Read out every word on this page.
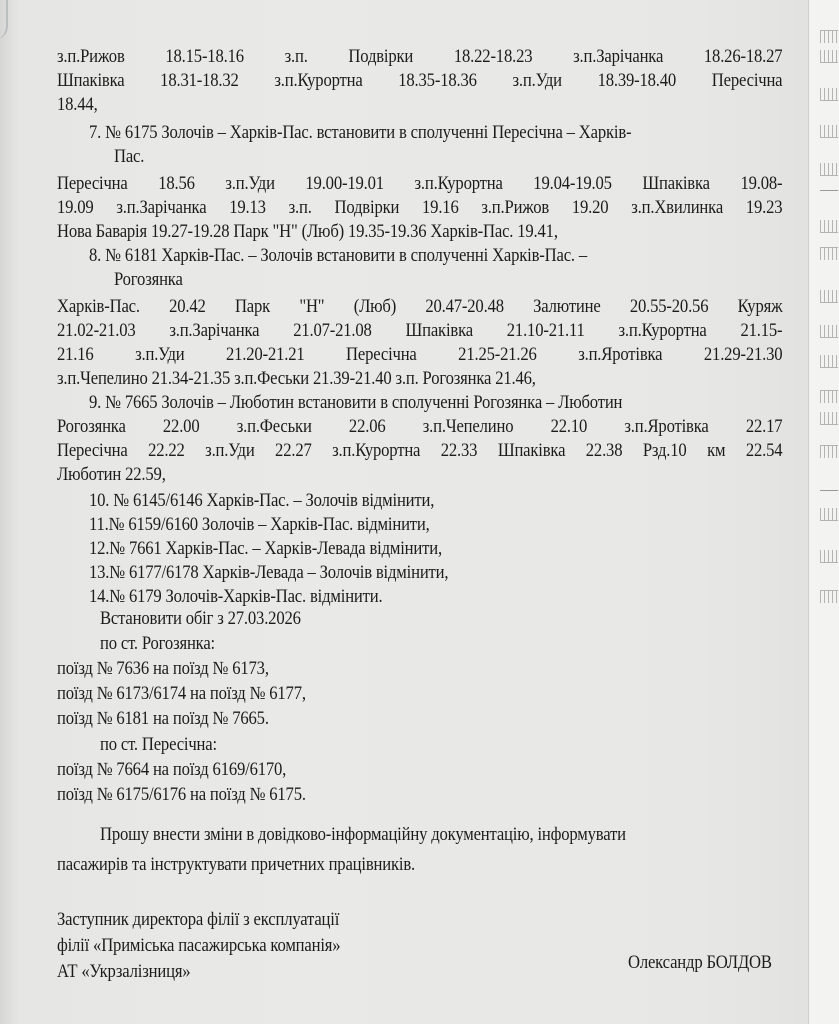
з.п.Рижов 18.15-18.16 з.п. Подвірки 18.22-18.23 з.п.Зарічанка 18.26-18.27
Шпаківка 18.31-18.32 з.п.Курортна 18.35-18.36 з.п.Уди 18.39-18.40 Пересічна
18.44,
7. № 6175 Золочів – Харків-Пас. встановити в сполученні Пересічна – Харків-
Пас.
Пересічна 18.56 з.п.Уди 19.00-19.01 з.п.Курортна 19.04-19.05 Шпаківка 19.08-
19.09 з.п.Зарічанка 19.13 з.п. Подвірки 19.16 з.п.Рижов 19.20 з.п.Хвилинка 19.23
Нова Баварія 19.27-19.28 Парк "Н" (Люб) 19.35-19.36 Харків-Пас. 19.41,
8. № 6181 Харків-Пас. – Золочів встановити в сполученні Харків-Пас. –
Рогозянка
Харків-Пас. 20.42 Парк "Н" (Люб) 20.47-20.48 Залютине 20.55-20.56 Куряж
21.02-21.03 з.п.Зарічанка 21.07-21.08 Шпаківка 21.10-21.11 з.п.Курортна 21.15-
21.16 з.п.Уди 21.20-21.21 Пересічна 21.25-21.26 з.п.Яротівка 21.29-21.30
з.п.Чепелино 21.34-21.35 з.п.Феськи 21.39-21.40 з.п. Рогозянка 21.46,
9. № 7665 Золочів – Люботин встановити в сполученні Рогозянка – Люботин
Рогозянка 22.00 з.п.Феськи 22.06 з.п.Чепелино 22.10 з.п.Яротівка 22.17
Пересічна 22.22 з.п.Уди 22.27 з.п.Курортна 22.33 Шпаківка 22.38 Рзд.10 км 22.54
Люботин 22.59,
10. № 6145/6146 Харків-Пас. – Золочів відмінити,
11.№ 6159/6160 Золочів – Харків-Пас. відмінити,
12.№ 7661 Харків-Пас. – Харків-Левада відмінити,
13.№ 6177/6178 Харків-Левада – Золочів відмінити,
14.№ 6179 Золочів-Харків-Пас. відмінити.
Встановити обіг з 27.03.2026
по ст. Рогозянка:
поїзд № 7636 на поїзд № 6173,
поїзд № 6173/6174 на поїзд № 6177,
поїзд № 6181 на поїзд № 7665.
по ст. Пересічна:
поїзд № 7664 на поїзд 6169/6170,
поїзд № 6175/6176 на поїзд № 6175.
Прошу внести зміни в довідково-інформаційну документацію, інформувати
пасажирів та інструктувати причетних працівників.
Заступник директора філії з експлуатації
філії «Приміська пасажирська компанія»
АТ «Укрзалізниця»	Олександр БОЛДОВ
